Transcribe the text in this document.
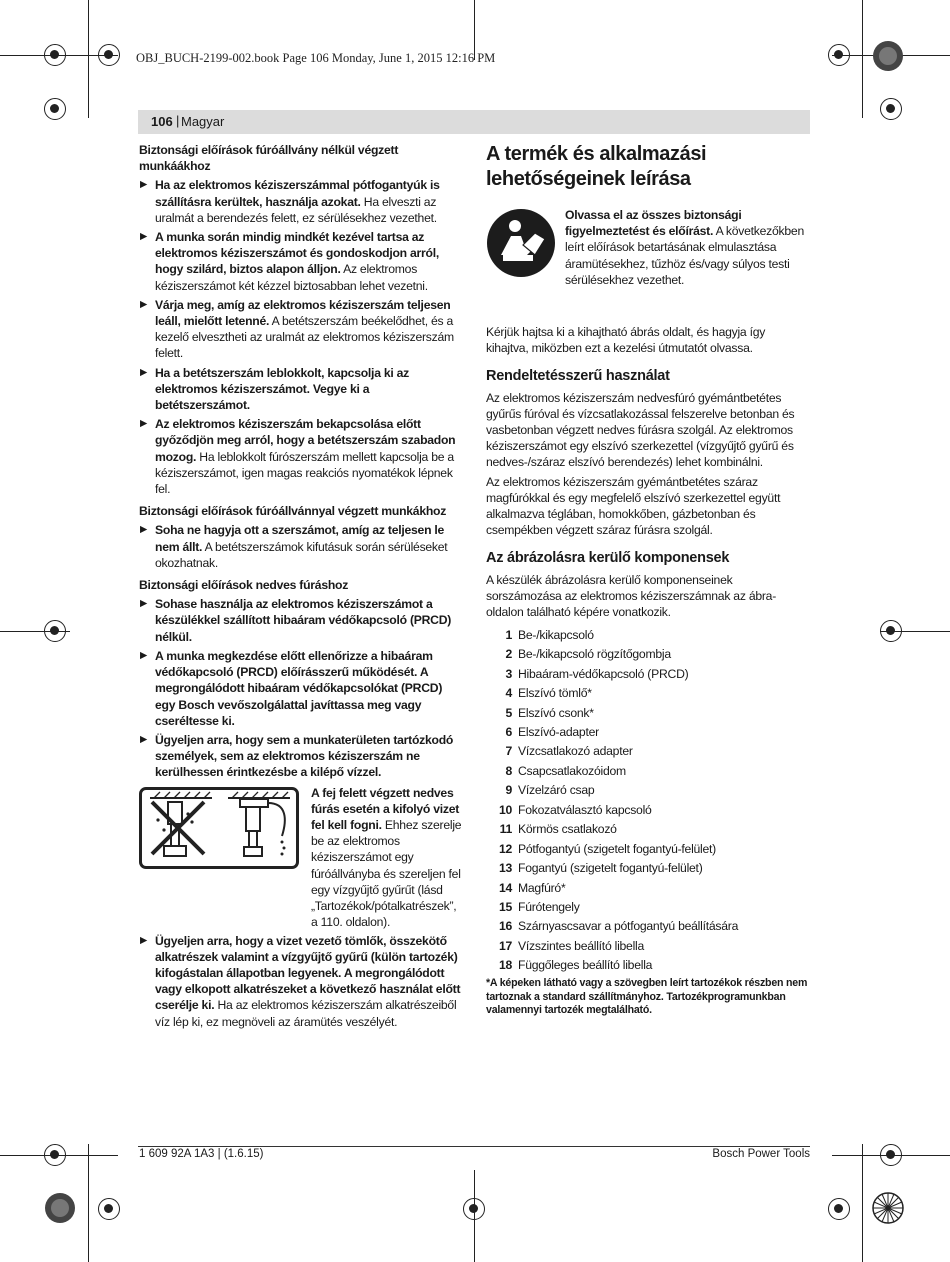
OBJ_BUCH-2199-002.book Page 106 Monday, June 1, 2015 12:16 PM
106 | Magyar
Biztonsági előírások fúróállvány nélkül végzett munkáákhoz
▶ Ha az elektromos kéziszerszámmal pótfogantyúk is szállításra kerültek, használja azokat. Ha elveszti az uralmát a berendezés felett, ez sérülésekhez vezethet.
▶ A munka során mindig mindkét kezével tartsa az elektromos kéziszerszámot és gondoskodjon arról, hogy szilárd, biztos alapon álljon. Az elektromos kéziszerszámot két kézzel biztosabban lehet vezetni.
▶ Várja meg, amíg az elektromos kéziszerszám teljesen leáll, mielőtt letenné. A betétszerszám beékelődhet, és a kezelő elvesztheti az uralmát az elektromos kéziszerszám felett.
▶ Ha a betétszerszám leblokkolt, kapcsolja ki az elektromos kéziszerszámot. Vegye ki a betétszerszámot.
▶ Az elektromos kéziszerszám bekapcsolása előtt győződjön meg arról, hogy a betétszerszám szabadon mozog. Ha leblokkolt fúrószerszám mellett kapcsolja be a kéziszerszámot, igen magas reakciós nyomatékok lépnek fel.
Biztonsági előírások fúróállvánnyal végzett munkákhoz
▶ Soha ne hagyja ott a szerszámot, amíg az teljesen le nem állt. A betétszerszámok kifutásuk során sérüléseket okozhatnak.
Biztonsági előírások nedves fúráshoz
▶ Sohase használja az elektromos kéziszerszámot a készülékkel szállított hibaáram védőkapcsoló (PRCD) nélkül.
▶ A munka megkezdése előtt ellenőrizze a hibaáram védőkapcsoló (PRCD) előírásszerű működését. A megrongálódott hibaáram védőkapcsolókat (PRCD) egy Bosch vevőszolgálattal javíttassa meg vagy cseréltesse ki.
▶ Ügyeljen arra, hogy sem a munkaterületen tartózkodó személyek, sem az elektromos kéziszerszám ne kerülhessen érintkezésbe a kilépő vízzel.
A fej felett végzett nedves fúrás esetén a kifolyó vizet fel kell fogni. Ehhez szerelje be az elektromos kéziszerszámot egy fúróállványba és szereljen fel egy vízgyűjtő gyűrűt (lásd „Tartozékok/pótalkatrészek”, a 110. oldalon).
▶ Ügyeljen arra, hogy a vizet vezető tömlők, összekötő alkatrészek valamint a vízgyűjtő gyűrű (külön tartozék) kifogástalan állapotban legyenek. A megrongálódott vagy elkopott alkatrészeket a következő használat előtt cserélje ki. Ha az elektromos kéziszerszám alkatrészeiből víz lép ki, ez megnöveli az áramütés veszélyét.
A termék és alkalmazási lehetőségeinek leírása
Olvassa el az összes biztonsági figyelmeztetést és előírást. A következőkben leírt előírások betartásának elmulasztása áramütésekhez, tűzhöz és/vagy súlyos testi sérülésekhez vezethet.
Kérjük hajtsa ki a kihajtható ábrás oldalt, és hagyja így kihajtva, miközben ezt a kezelési útmutatót olvassa.
Rendeltetésszerű használat
Az elektromos kéziszerszám nedvesfúró gyémántbetétes gyűrűs fúróval és vízcsatlakozással felszerelve betonban és vasbetonban végzett nedves fúrásra szolgál. Az elektromos kéziszerszámot egy elszívó szerkezettel (vízgyűjtő gyűrű és nedves-/száraz elszívó berendezés) lehet kombinálni.
Az elektromos kéziszerszám gyémántbetétes száraz magfúrókkal és egy megfelelő elszívó szerkezettel együtt alkalmazva téglában, homokkőben, gázbetonban és csempékben végzett száraz fúrásra szolgál.
Az ábrázolásra kerülő komponensek
A készülék ábrázolásra kerülő komponenseinek sorszámozása az elektromos kéziszerszámnak az ábra-oldalon található képére vonatkozik.
1 Be-/kikapcsoló
2 Be-/kikapcsoló rögzítőgombja
3 Hibaáram-védőkapcsoló (PRCD)
4 Elszívó tömlő*
5 Elszívó csonk*
6 Elszívó-adapter
7 Vízcsatlakozó adapter
8 Csapcsatlakozóidom
9 Vízelzáró csap
10 Fokozatválasztó kapcsoló
11 Körmös csatlakozó
12 Pótfogantyú (szigetelt fogantyú-felület)
13 Fogantyú (szigetelt fogantyú-felület)
14 Magfúró*
15 Fúrótengely
16 Szárnyascsavar a pótfogantyú beállítására
17 Vízszintes beállító libella
18 Függőleges beállító libella
*A képeken látható vagy a szövegben leírt tartozékok részben nem tartoznak a standard szállítmányhoz. Tartozékprogramunkban valamennyi tartozék megtalálható.
1 609 92A 1A3 | (1.6.15)	Bosch Power Tools
